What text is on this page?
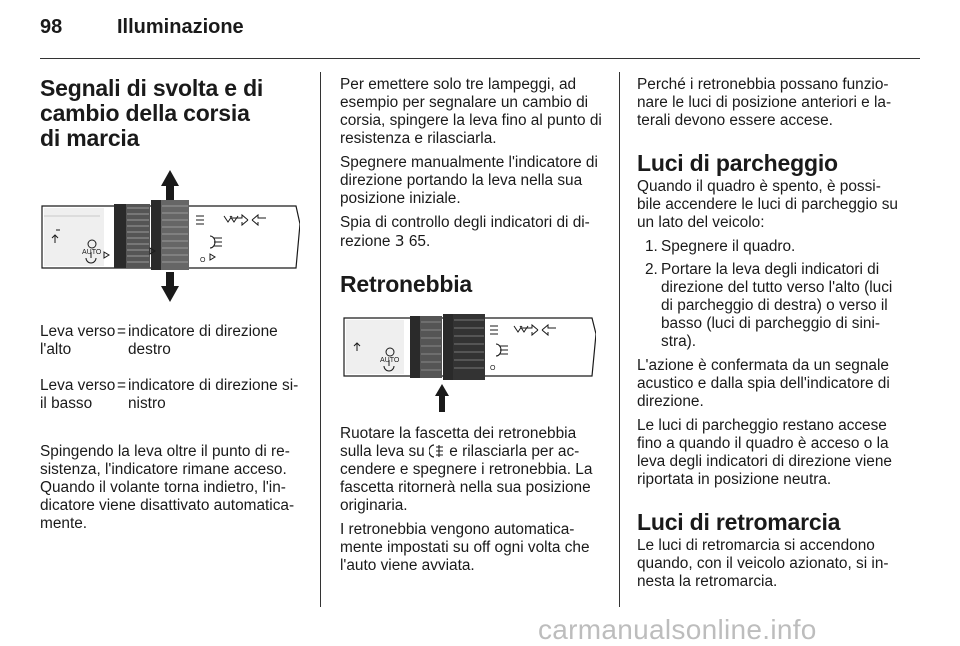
98	Illuminazione
Segnali di svolta e di cambio della corsia di marcia
AUTO
O
Leva verso l'alto
= indicatore di direzione destro
Leva verso il basso
= indicatore di direzione si-nistro

Spingendo la leva oltre il punto di re-sistenza, l'indicatore rimane acceso. Quando il volante torna indietro, l'in-dicatore viene disattivato automatica-mente.

Per emettere solo tre lampeggi, ad esempio per segnalare un cambio di corsia, spingere la leva fino al punto di resistenza e rilasciarla.

Spegnere manualmente l'indicatore di direzione portando la leva nella sua posizione iniziale.

Spia di controllo degli indicatori di di-rezione 3 65.

Retronebbia
AUTO
O

Ruotare la fascetta dei retronebbia sulla leva su e rilasciarla per ac-cendere e spegnere i retronebbia. La fascetta ritornerà nella sua posizione originaria.

I retronebbia vengono automatica-mente impostati su off ogni volta che l'auto viene avviata.

Perché i retronebbia possano funzio-nare le luci di posizione anteriori e la-terali devono essere accese.

Luci di parcheggio

Quando il quadro è spento, è possi-bile accendere le luci di parcheggio su un lato del veicolo:

1. Spegnere il quadro.
2. Portare la leva degli indicatori di direzione del tutto verso l'alto (luci di parcheggio di destra) o verso il basso (luci di parcheggio di sini-stra).

L'azione è confermata da un segnale acustico e dalla spia dell'indicatore di direzione.

Le luci di parcheggio restano accese fino a quando il quadro è acceso o la leva degli indicatori di direzione viene riportata in posizione neutra.

Luci di retromarcia

Le luci di retromarcia si accendono quando, con il veicolo azionato, si in-nesta la retromarcia.

carmanualsonline.info
